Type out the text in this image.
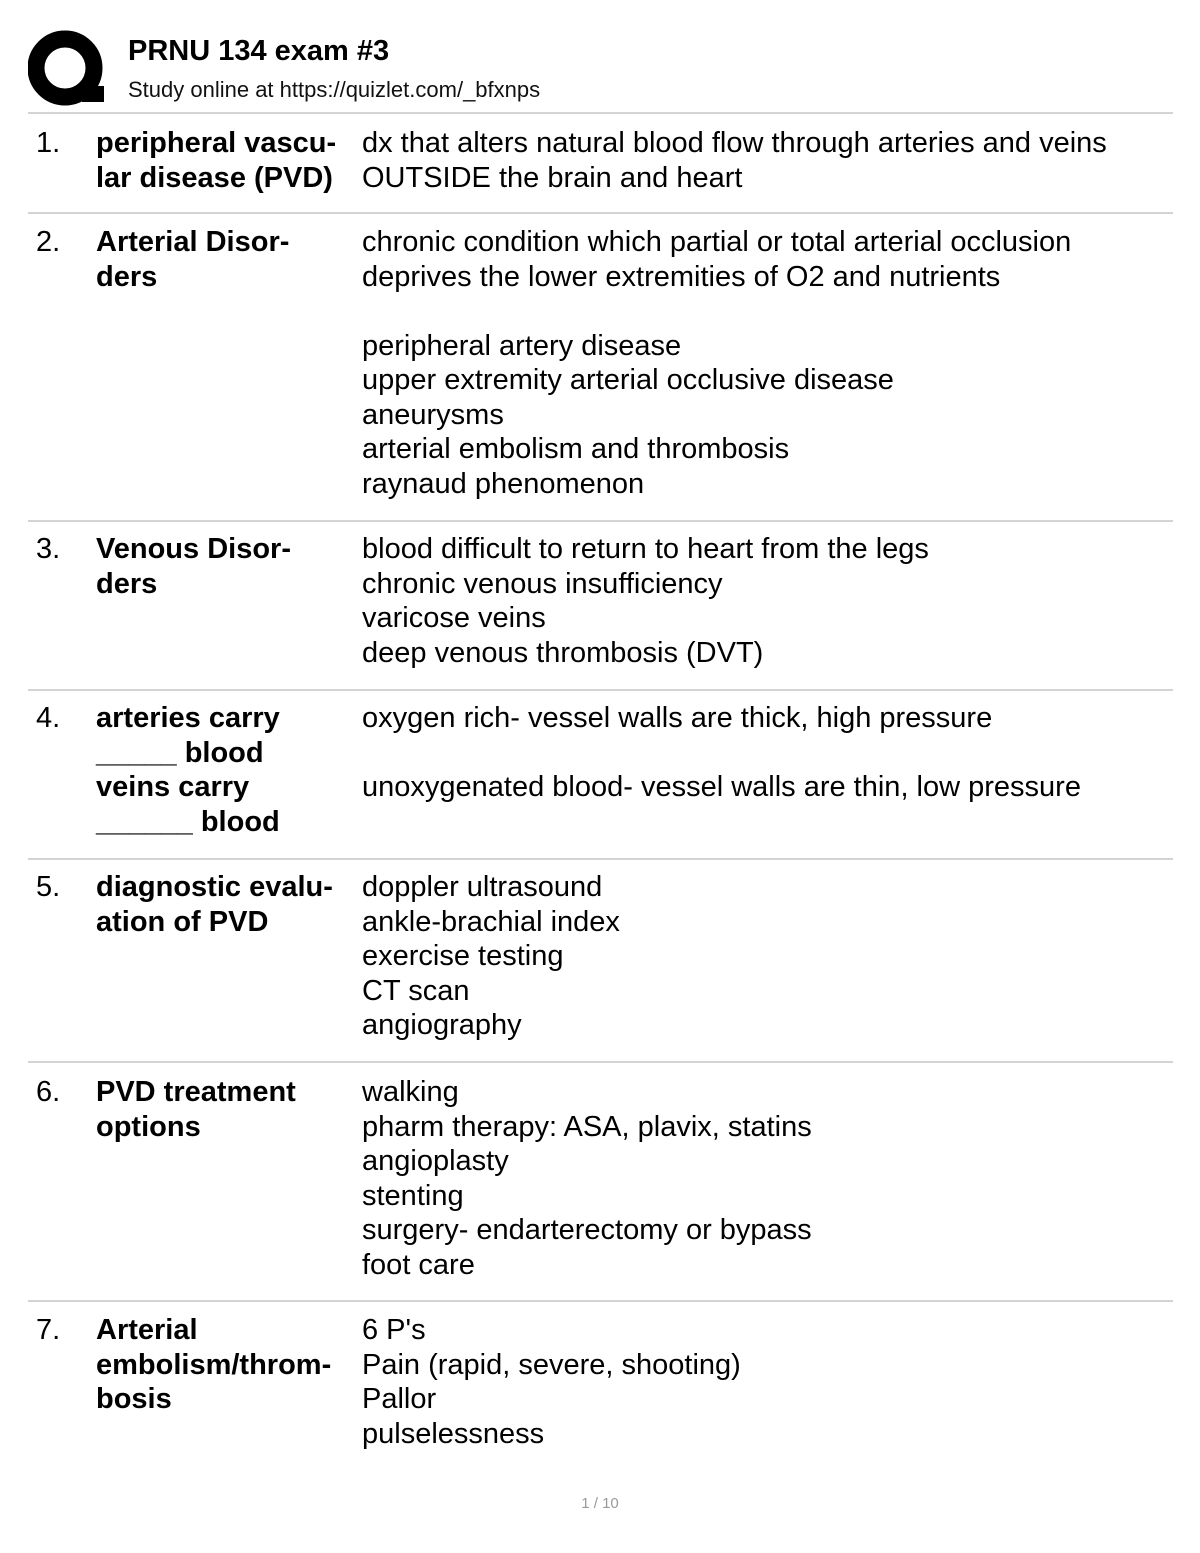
PRNU 134 exam #3
Study online at https://quizlet.com/_bfxnps
1. peripheral vascu-
lar disease (PVD)
dx that alters natural blood flow through arteries and veins
OUTSIDE the brain and heart
2. Arterial Disor-
ders
chronic condition which partial or total arterial occlusion
deprives the lower extremities of O2 and nutrients

peripheral artery disease
upper extremity arterial occlusive disease
aneurysms
arterial embolism and thrombosis
raynaud phenomenon
3. Venous Disor-
ders
blood difficult to return to heart from the legs
chronic venous insufficiency
varicose veins
deep venous thrombosis (DVT)
4. arteries carry
_____ blood
veins carry
______ blood
oxygen rich- vessel walls are thick, high pressure

unoxygenated blood- vessel walls are thin, low pressure
5. diagnostic evalu-
ation of PVD
doppler ultrasound
ankle-brachial index
exercise testing
CT scan
angiography
6. PVD treatment
options
walking
pharm therapy: ASA, plavix, statins
angioplasty
stenting
surgery- endarterectomy or bypass
foot care
7. Arterial
embolism/throm-
bosis
6 P's
Pain (rapid, severe, shooting)
Pallor
pulselessness
1 / 10
